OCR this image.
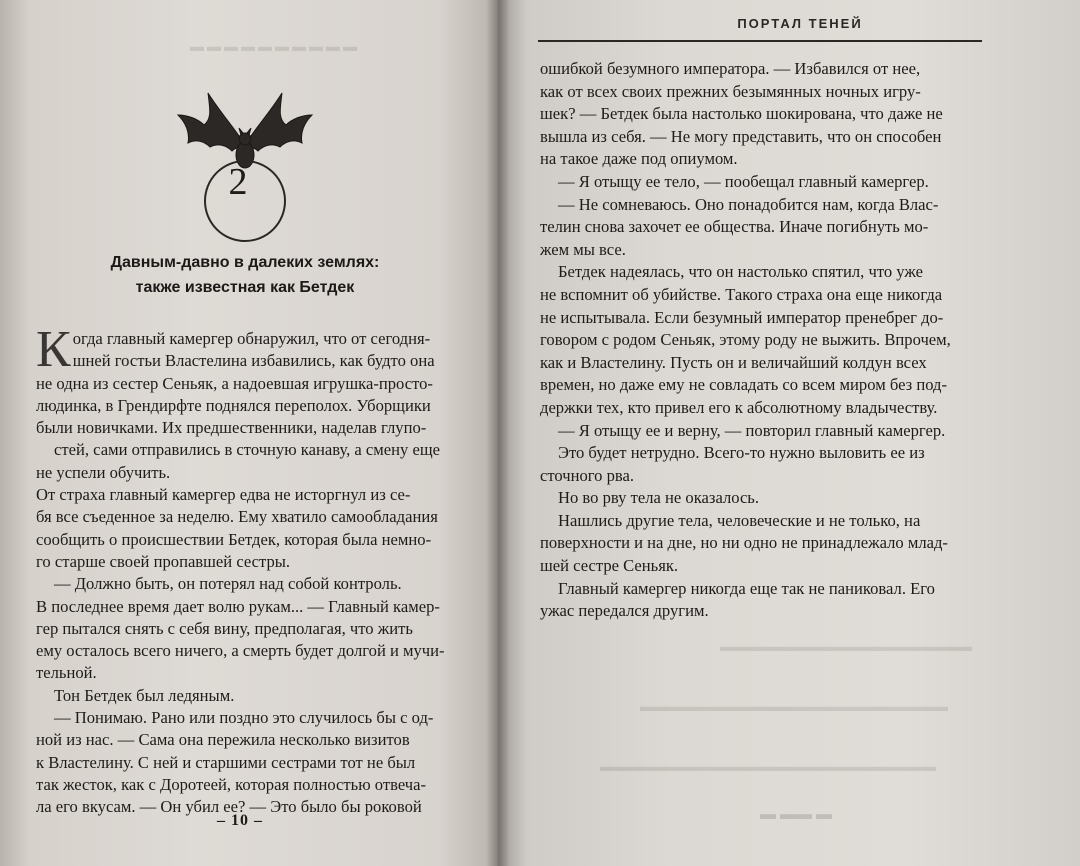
▬▬▬▬▬▬▬▬▬▬
▬▬▬▬▬▬▬▬▬▬▬▬▬▬▬▬▬▬
▬▬▬▬▬▬▬▬▬▬▬▬▬▬▬▬▬▬▬▬▬▬
▬▬▬▬▬▬▬▬▬▬▬▬▬▬▬▬▬▬▬▬▬▬▬▬
ПОРТАЛ ТЕНЕЙ
2
Давным-давно в далеких землях:
также известная как Бетдек
К огда главный камергер обнаружил, что от сегодня-
шней гостьи Властелина избавились, как будто она
не одна из сестер Сеньяк, а надоевшая игрушка-просто-
людинка, в Грендирфте поднялся переполох. Уборщики
были новичками. Их предшественники, наделав глупо-
стей, сами отправились в сточную канаву, а смену еще
не успели обучить.
От страха главный камергер едва не исторгнул из се-
бя все съеденное за неделю. Ему хватило самообладания
сообщить о происшествии Бетдек, которая была немно-
го старше своей пропавшей сестры.
— Должно быть, он потерял над собой контроль.
В последнее время дает волю рукам... — Главный камер-
гер пытался снять с себя вину, предполагая, что жить
ему осталось всего ничего, а смерть будет долгой и мучи-
тельной.
Тон Бетдек был ледяным.
— Понимаю. Рано или поздно это случилось бы с од-
ной из нас. — Сама она пережила несколько визитов
к Властелину. С ней и старшими сестрами тот не был
так жесток, как с Доротеей, которая полностью отвеча-
ла его вкусам. — Он убил ее? — Это было бы роковой
– 10 –
ошибкой безумного императора. — Избавился от нее,
как от всех своих прежних безымянных ночных игру-
шек? — Бетдек была настолько шокирована, что даже не
вышла из себя. — Не могу представить, что он способен
на такое даже под опиумом.
— Я отыщу ее тело, — пообещал главный камергер.
— Не сомневаюсь. Оно понадобится нам, когда Влас-
телин снова захочет ее общества. Иначе погибнуть мо-
жем мы все.
Бетдек надеялась, что он настолько спятил, что уже
не вспомнит об убийстве. Такого страха она еще никогда
не испытывала. Если безумный император пренебрег до-
говором с родом Сеньяк, этому роду не выжить. Впрочем,
как и Властелину. Пусть он и величайший колдун всех
времен, но даже ему не совладать со всем миром без под-
держки тех, кто привел его к абсолютному владычеству.
— Я отыщу ее и верну, — повторил главный камергер.
Это будет нетрудно. Всего-то нужно выловить ее из
сточного рва.
Но во рву тела не оказалось.
Нашлись другие тела, человеческие и не только, на
поверхности и на дне, но ни одно не принадлежало млад-
шей сестре Сеньяк.
Главный камергер никогда еще так не паниковал. Его
ужас передался другим.
▬ ▬▬ ▬
